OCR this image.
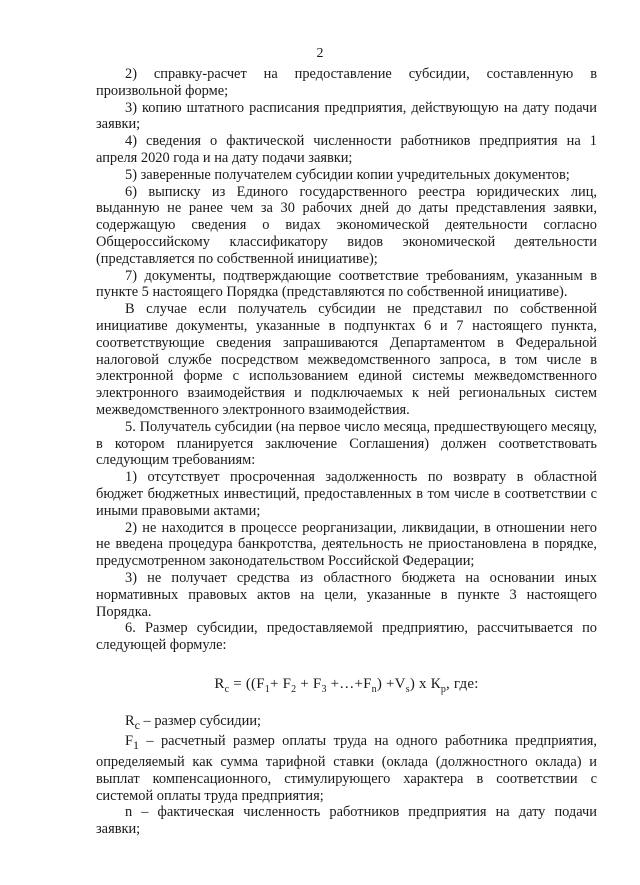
2

2) справку-расчет на предоставление субсидии, составленную в произвольной форме;

3) копию штатного расписания предприятия, действующую на дату подачи заявки;

4) сведения о фактической численности работников предприятия на 1 апреля 2020 года и на дату подачи заявки;

5) заверенные получателем субсидии копии учредительных документов;

6) выписку из Единого государственного реестра юридических лиц, выданную не ранее чем за 30 рабочих дней до даты представления заявки, содержащую сведения о видах экономической деятельности согласно Общероссийскому классификатору видов экономической деятельности (представляется по собственной инициативе);

7) документы, подтверждающие соответствие требованиям, указанным в пункте 5 настоящего Порядка (представляются по собственной инициативе).

В случае если получатель субсидии не представил по собственной инициативе документы, указанные в подпунктах 6 и 7 настоящего пункта, соответствующие сведения запрашиваются Департаментом в Федеральной налоговой службе посредством межведомственного запроса, в том числе в электронной форме с использованием единой системы межведомственного электронного взаимодействия и подключаемых к ней региональных систем межведомственного электронного взаимодействия.

5. Получатель субсидии (на первое число месяца, предшествующего месяцу, в котором планируется заключение Соглашения) должен соответствовать следующим требованиям:

1) отсутствует просроченная задолженность по возврату в областной бюджет бюджетных инвестиций, предоставленных в том числе в соответствии с иными правовыми актами;

2) не находится в процессе реорганизации, ликвидации, в отношении него не введена процедура банкротства, деятельность не приостановлена в порядке, предусмотренном законодательством Российской Федерации;

3) не получает средства из областного бюджета на основании иных нормативных правовых актов на цели, указанные в пункте 3 настоящего Порядка.

6. Размер субсидии, предоставляемой предприятию, рассчитывается по следующей формуле:

$R_с = ((F_1+ F_2 + F_3$ $+\dots+F_n) +V_s$) х $К_р$, где:

$R_с$ – размер субсидии;

$F_1$ – расчетный размер оплаты труда на одного работника предприятия, определяемый как сумма тарифной ставки (оклада (должностного оклада) и выплат компенсационного, стимулирующего характера в соответствии с системой оплаты труда предприятия;

n – фактическая численность работников предприятия на дату подачи заявки;
